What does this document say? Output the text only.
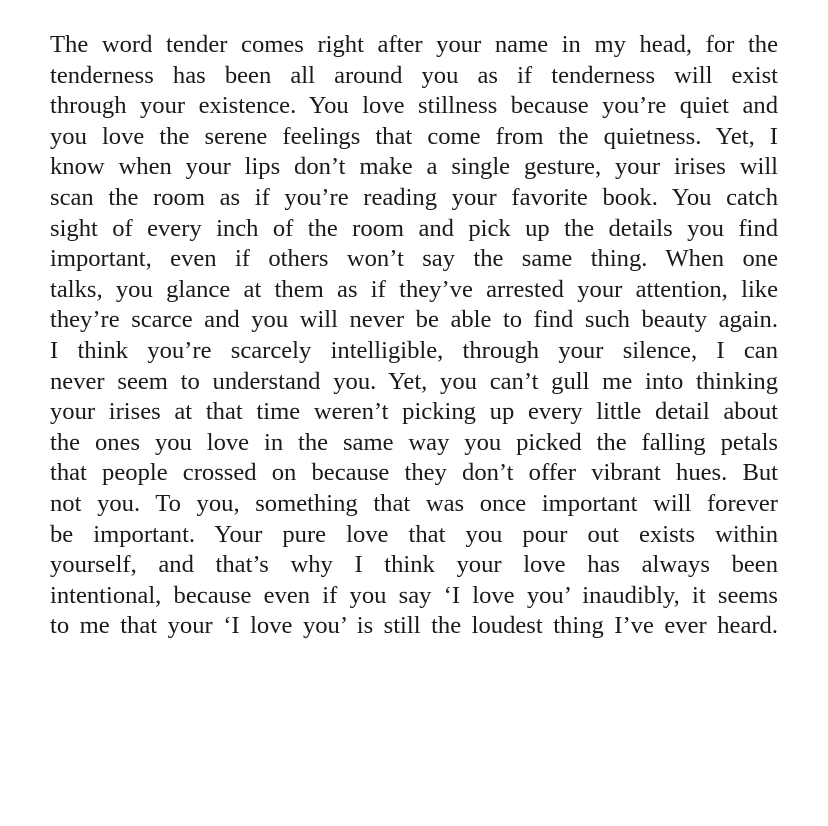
The word tender comes right after your name in my head, for the
tenderness has been all around you as if tenderness will exist
through your existence. You love stillness because you’re quiet and
you love the serene feelings that come from the quietness. Yet, I
know when your lips don’t make a single gesture, your irises will
scan the room as if you’re reading your favorite book. You catch
sight of every inch of the room and pick up the details you find
important, even if others won’t say the same thing. When one
talks, you glance at them as if they’ve arrested your attention, like
they’re scarce and you will never be able to find such beauty again.
I think you’re scarcely intelligible, through your silence, I can
never seem to understand you. Yet, you can’t gull me into thinking
your irises at that time weren’t picking up every little detail about
the ones you love in the same way you picked the falling petals
that people crossed on because they don’t offer vibrant hues. But
not you. To you, something that was once important will forever
be important. Your pure love that you pour out exists within
yourself, and that’s why I think your love has always been
intentional, because even if you say ‘I love you’ inaudibly, it seems
to me that your ‘I love you’ is still the loudest thing I’ve ever heard.
